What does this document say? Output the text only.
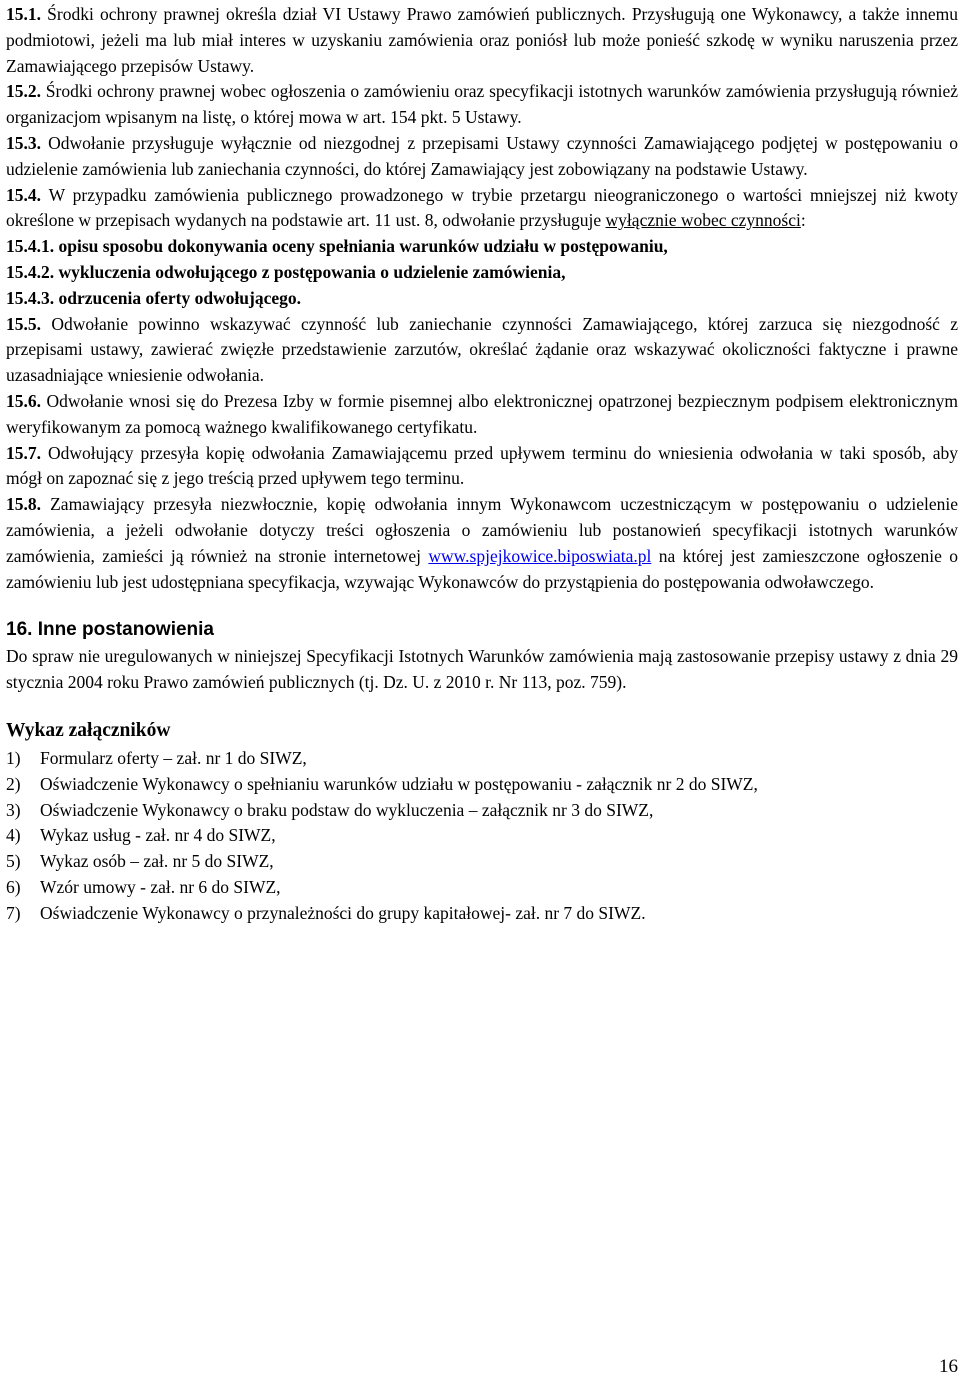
15.1. Środki ochrony prawnej określa dział VI Ustawy Prawo zamówień publicznych. Przysługują one Wykonawcy, a także innemu podmiotowi, jeżeli ma lub miał interes w uzyskaniu zamówienia oraz poniósł lub może ponieść szkodę w wyniku naruszenia przez Zamawiającego przepisów Ustawy.

15.2. Środki ochrony prawnej wobec ogłoszenia o zamówieniu oraz specyfikacji istotnych warunków zamówienia przysługują również organizacjom wpisanym na listę, o której mowa w art. 154 pkt. 5 Ustawy.

15.3. Odwołanie przysługuje wyłącznie od niezgodnej z przepisami Ustawy czynności Zamawiającego podjętej w postępowaniu o udzielenie zamówienia lub zaniechania czynności, do której Zamawiający jest zobowiązany na podstawie Ustawy.

15.4. W przypadku zamówienia publicznego prowadzonego w trybie przetargu nieograniczonego o wartości mniejszej niż kwoty określone w przepisach wydanych na podstawie art. 11 ust. 8, odwołanie przysługuje wyłącznie wobec czynności:

15.4.1. opisu sposobu dokonywania oceny spełniania warunków udziału w postępowaniu,

15.4.2. wykluczenia odwołującego z postępowania o udzielenie zamówienia,

15.4.3. odrzucenia oferty odwołującego.

15.5. Odwołanie powinno wskazywać czynność lub zaniechanie czynności Zamawiającego, której zarzuca się niezgodność z przepisami ustawy, zawierać zwięzłe przedstawienie zarzutów, określać żądanie oraz wskazywać okoliczności faktyczne i prawne uzasadniające wniesienie odwołania.

15.6. Odwołanie wnosi się do Prezesa Izby w formie pisemnej albo elektronicznej opatrzonej bezpiecznym podpisem elektronicznym weryfikowanym za pomocą ważnego kwalifikowanego certyfikatu.

15.7. Odwołujący przesyła kopię odwołania Zamawiającemu przed upływem terminu do wniesienia odwołania w taki sposób, aby mógł on zapoznać się z jego treścią przed upływem tego terminu.

15.8. Zamawiający przesyła niezwłocznie, kopię odwołania innym Wykonawcom uczestniczącym w postępowaniu o udzielenie zamówienia, a jeżeli odwołanie dotyczy treści ogłoszenia o zamówieniu lub postanowień specyfikacji istotnych warunków zamówienia, zamieści ją również na stronie internetowej www.spjejkowice.biposwiata.pl na której jest zamieszczone ogłoszenie o zamówieniu lub jest udostępniana specyfikacja, wzywając Wykonawców do przystąpienia do postępowania odwoławczego.

16. Inne postanowienia

Do spraw nie uregulowanych w niniejszej Specyfikacji Istotnych Warunków zamówienia mają zastosowanie przepisy ustawy z dnia 29 stycznia 2004 roku Prawo zamówień publicznych (tj. Dz. U. z 2010 r. Nr 113, poz. 759).

Wykaz załączników
1)	Formularz oferty – zał. nr 1 do SIWZ,
2)	Oświadczenie Wykonawcy o spełnianiu warunków udziału w postępowaniu - załącznik nr 2 do SIWZ,
3)	Oświadczenie Wykonawcy o braku podstaw do wykluczenia – załącznik nr 3 do SIWZ,
4)	Wykaz usług - zał. nr 4 do SIWZ,
5)	Wykaz osób – zał. nr 5 do SIWZ,
6)	Wzór umowy - zał. nr 6 do SIWZ,
7)	Oświadczenie Wykonawcy o przynależności do grupy kapitałowej- zał. nr 7 do SIWZ.
16
